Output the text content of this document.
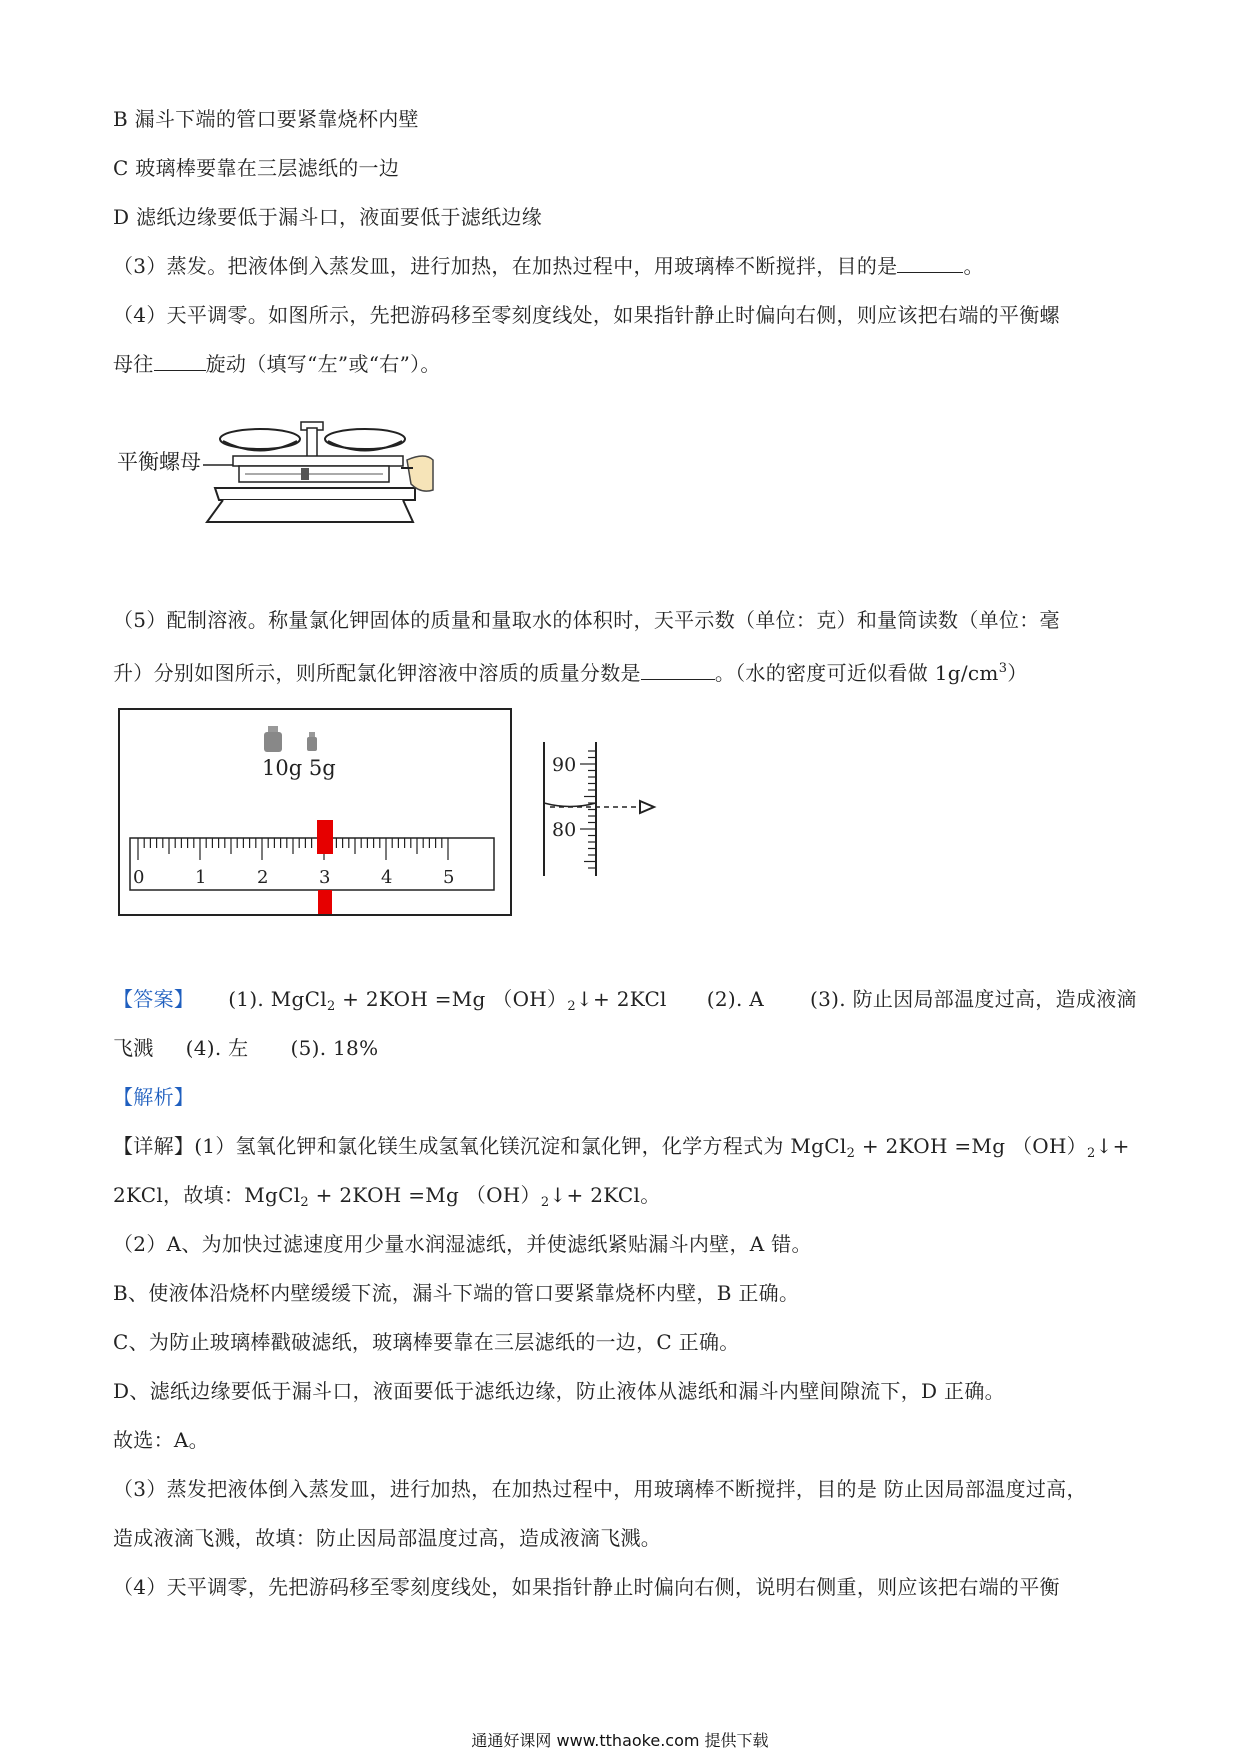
B 漏斗下端的管口要紧靠烧杯内壁
C 玻璃棒要靠在三层滤纸的一边
D 滤纸边缘要低于漏斗口，液面要低于滤纸边缘
（3）蒸发。把液体倒入蒸发皿，进行加热，在加热过程中，用玻璃棒不断搅拌，目的是	。
（4）天平调零。如图所示，先把游码移至零刻度线处，如果指针静止时偏向右侧，则应该把右端的平衡螺
母往	旋动（填写“左”或“右”）。
平衡螺母
（5）配制溶液。称量氯化钾固体的质量和量取水的体积时，天平示数（单位：克）和量筒读数（单位：毫
升）分别如图所示，则所配氯化钾溶液中溶质的质量分数是	。（水的密度可近似看做 $1g/cm^3$）
10g 5g
0	1	2	3	4	5
90
80
【答案】 (1). MgCl$_2$ + 2KOH =Mg $(OH)_2↓+ 2KCl$ (2). A (3). 防止因局部温度过高，造成液滴
飞溅 (4). 左 (5). 18%
【解析】
【详解】(1）氢氧化钾和氯化镁生成氢氧化镁沉淀和氯化钾，化学方程式为 MgCl$_2$ + 2KOH =Mg $(OH)_2↓+$
2KCl，故填：MgCl$_2$ + 2KOH =Mg $(OH)_2↓+ 2KCl$。
（2）A、为加快过滤速度用少量水润湿滤纸，并使滤纸紧贴漏斗内壁，A 错。
B、使液体沿烧杯内壁缓缓下流，漏斗下端的管口要紧靠烧杯内壁，B 正确。
C、为防止玻璃棒戳破滤纸，玻璃棒要靠在三层滤纸的一边，C 正确。
D、滤纸边缘要低于漏斗口，液面要低于滤纸边缘，防止液体从滤纸和漏斗内壁间隙流下，D 正确。
故选：A。
（3）蒸发把液体倒入蒸发皿，进行加热，在加热过程中，用玻璃棒不断搅拌，目的是 防止因局部温度过高，
造成液滴飞溅，故填：防止因局部温度过高，造成液滴飞溅。
（4）天平调零，先把游码移至零刻度线处，如果指针静止时偏向右侧，说明右侧重，则应该把右端的平衡
通通好课网 www.tthaoke.com 提供下载
